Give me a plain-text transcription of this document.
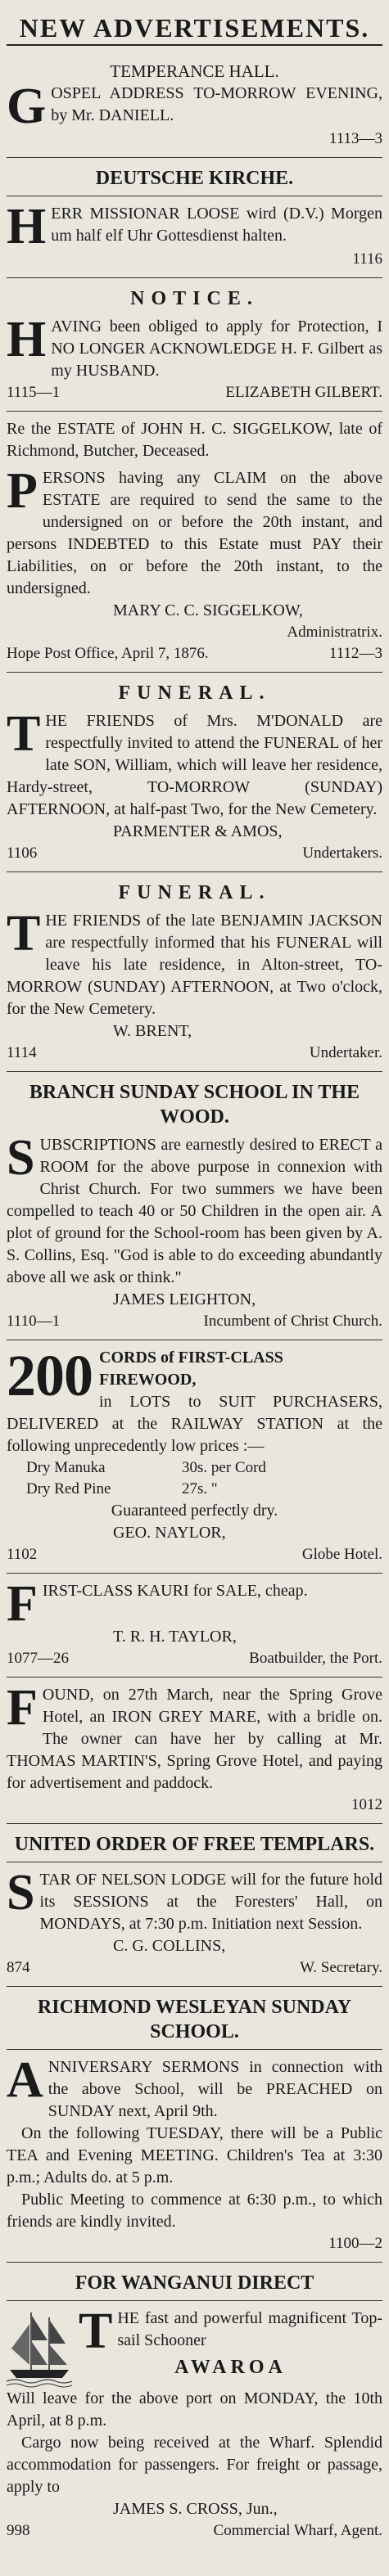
NEW ADVERTISEMENTS.
TEMPERANCE HALL.
G OSPEL ADDRESS TO-MORROW EVENING, by Mr. DANIELL.

1113—3
DEUTSCHE KIRCHE.
H ERR MISSIONAR LOOSE wird (D.V.) Morgen um half elf Uhr Gottesdienst halten.

1116
NOTICE.
H AVING been obliged to apply for Protection, I NO LONGER ACKNOWLEDGE H. F. Gilbert as my HUSBAND.

1115—1	ELIZABETH GILBERT.

Re the ESTATE of JOHN H. C. SIGGELKOW, late of Richmond, Butcher, Deceased.

P ERSONS having any CLAIM on the above ESTATE are required to send the same to the undersigned on or before the 20th instant, and persons INDEBTED to this Estate must PAY their Liabilities, on or before the 20th instant, to the undersigned.

MARY C. C. SIGGELKOW,
Administratrix.
Hope Post Office, April 7, 1876.	1112—3
FUNERAL.
T HE FRIENDS of Mrs. M'DONALD are respectfully invited to attend the FUNERAL of her late SON, William, which will leave her residence, Hardy-street, TO-MORROW (SUNDAY) AFTERNOON, at half-past Two, for the New Cemetery.

PARMENTER & AMOS,
1106	Undertakers.
FUNERAL.
T HE FRIENDS of the late BENJAMIN JACKSON are respectfully informed that his FUNERAL will leave his late residence, in Alton-street, TO-MORROW (SUNDAY) AFTERNOON, at Two o'clock, for the New Cemetery.

W. BRENT,
1114	Undertaker.
BRANCH SUNDAY SCHOOL IN THE WOOD.
S UBSCRIPTIONS are earnestly desired to ERECT a ROOM for the above purpose in connexion with Christ Church. For two summers we have been compelled to teach 40 or 50 Children in the open air. A plot of ground for the School-room has been given by A. S. Collins, Esq. "God is able to do exceeding abundantly above all we ask or think."

JAMES LEIGHTON,
1110—1	Incumbent of Christ Church.
200 CORDS of FIRST-CLASS FIREWOOD,

in LOTS to SUIT PURCHASERS, DELIVERED at the RAILWAY STATION at the following unprecedently low prices :—

Dry Manuka	30s. per Cord
Dry Red Pine	27s. "
Guaranteed perfectly dry.
GEO. NAYLOR,
1102	Globe Hotel.
F IRST-CLASS KAURI for SALE, cheap.

T. R. H. TAYLOR,
1077—26	Boatbuilder, the Port.
F OUND, on 27th March, near the Spring Grove Hotel, an IRON GREY MARE, with a bridle on. The owner can have her by calling at Mr. THOMAS MARTIN'S, Spring Grove Hotel, and paying for advertisement and paddock.

1012
UNITED ORDER OF FREE TEMPLARS.
S TAR OF NELSON LODGE will for the future hold its SESSIONS at the Foresters' Hall, on MONDAYS, at 7:30 p.m. Initiation next Session.

C. G. COLLINS,
874	W. Secretary.
RICHMOND WESLEYAN SUNDAY SCHOOL.
A NNIVERSARY SERMONS in connection with the above School, will be PREACHED on SUNDAY next, April 9th.

On the following TUESDAY, there will be a Public TEA and Evening MEETING. Children's Tea at 3:30 p.m.; Adults do. at 5 p.m.

Public Meeting to commence at 6:30 p.m., to which friends are kindly invited.

1100—2
FOR WANGANUI DIRECT
T HE fast and powerful magnificent Top-sail Schooner

AWAROA

Will leave for the above port on MONDAY, the 10th April, at 8 p.m.

Cargo now being received at the Wharf. Splendid accommodation for passengers. For freight or passage, apply to

JAMES S. CROSS, Jun.,
998	Commercial Wharf, Agent.
